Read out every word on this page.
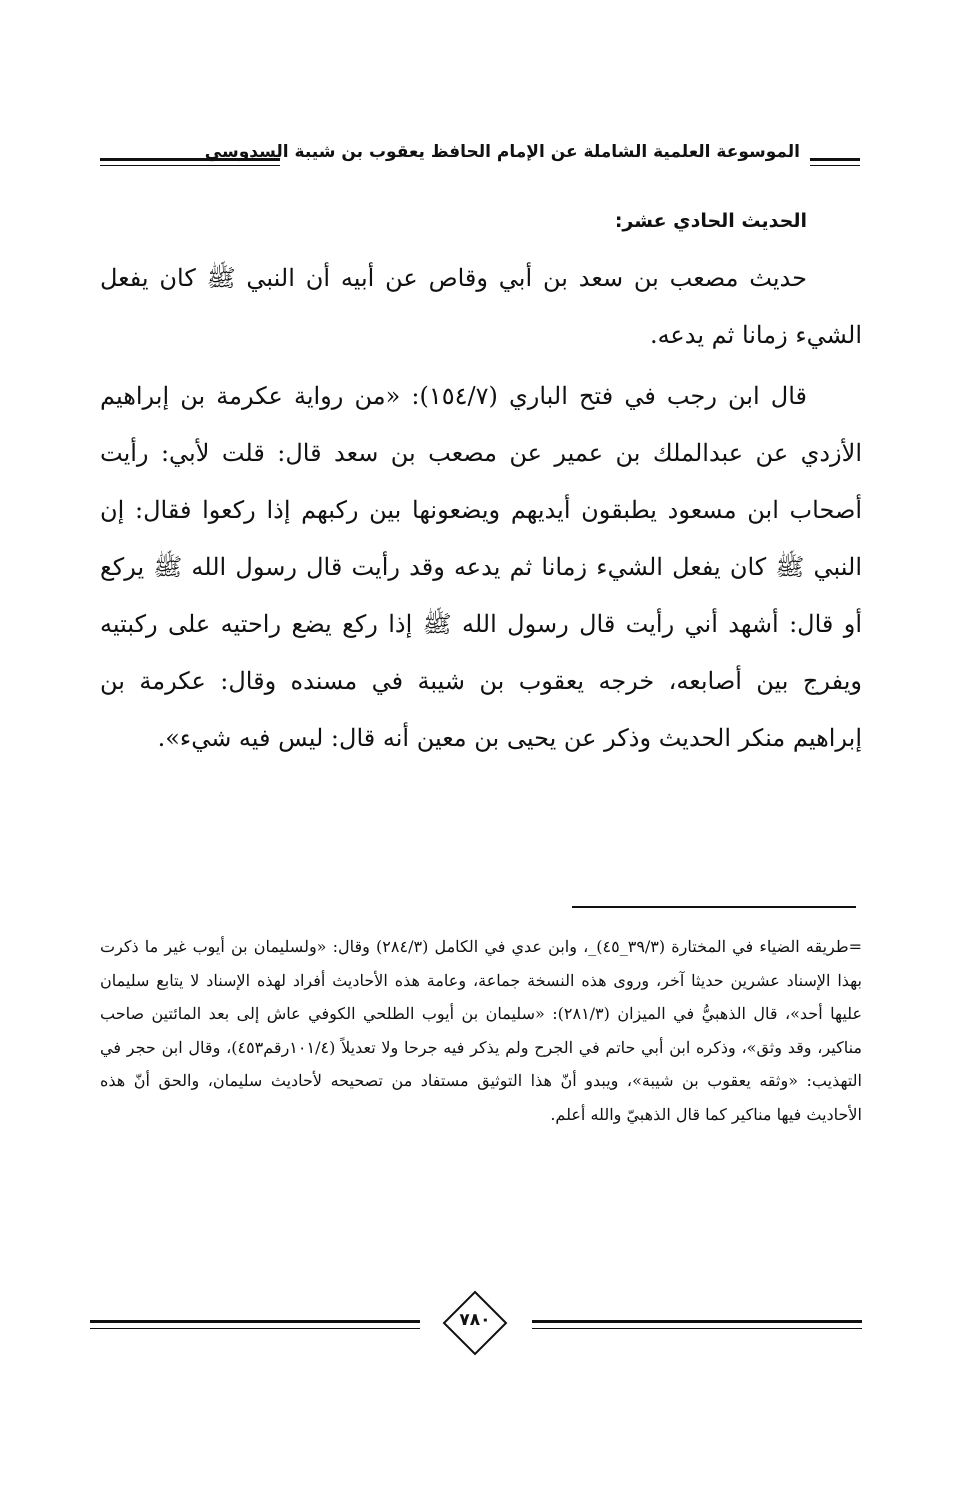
الموسوعة العلمية الشاملة عن الإمام الحافظ يعقوب بن شيبة السدوسي
الحديث الحادي عشر:

حديث مصعب بن سعد بن أبي وقاص عن أبيه أن النبي ﷺ كان يفعل الشيء زمانا ثم يدعه.

قال ابن رجب في فتح الباري (١٥٤/٧): «من رواية عكرمة بن إبراهيم الأزدي عن عبدالملك بن عمير عن مصعب بن سعد قال: قلت لأبي: رأيت أصحاب ابن مسعود يطبقون أيديهم ويضعونها بين ركبهم إذا ركعوا فقال: إن النبي ﷺ كان يفعل الشيء زمانا ثم يدعه وقد رأيت قال رسول الله ﷺ يركع أو قال: أشهد أني رأيت قال رسول الله ﷺ إذا ركع يضع راحتيه على ركبتيه ويفرج بين أصابعه، خرجه يعقوب بن شيبة في مسنده وقال: عكرمة بن إبراهيم منكر الحديث وذكر عن يحيى بن معين أنه قال: ليس فيه شيء».

=طريقه الضياء في المختارة (٣٩/٣_٤٥)_، وابن عدي في الكامل (٢٨٤/٣) وقال: «ولسليمان بن أيوب غير ما ذكرت بهذا الإسناد عشرين حديثا آخر، وروى هذه النسخة جماعة، وعامة هذه الأحاديث أفراد لهذه الإسناد لا يتابع سليمان عليها أحد»، قال الذهبيُّ في الميزان (٢٨١/٣): «سليمان بن أيوب الطلحي الكوفي عاش إلى بعد المائتين صاحب مناكير، وقد وثق»، وذكره ابن أبي حاتم في الجرح ولم يذكر فيه جرحا ولا تعديلاً (١٠١/٤رقم٤٥٣)، وقال ابن حجر في التهذيب: «وثقه يعقوب بن شيبة»، ويبدو أنّ هذا التوثيق مستفاد من تصحيحه لأحاديث سليمان، والحق أنّ هذه الأحاديث فيها مناكير كما قال الذهبيّ والله أعلم.
٧٨٠
